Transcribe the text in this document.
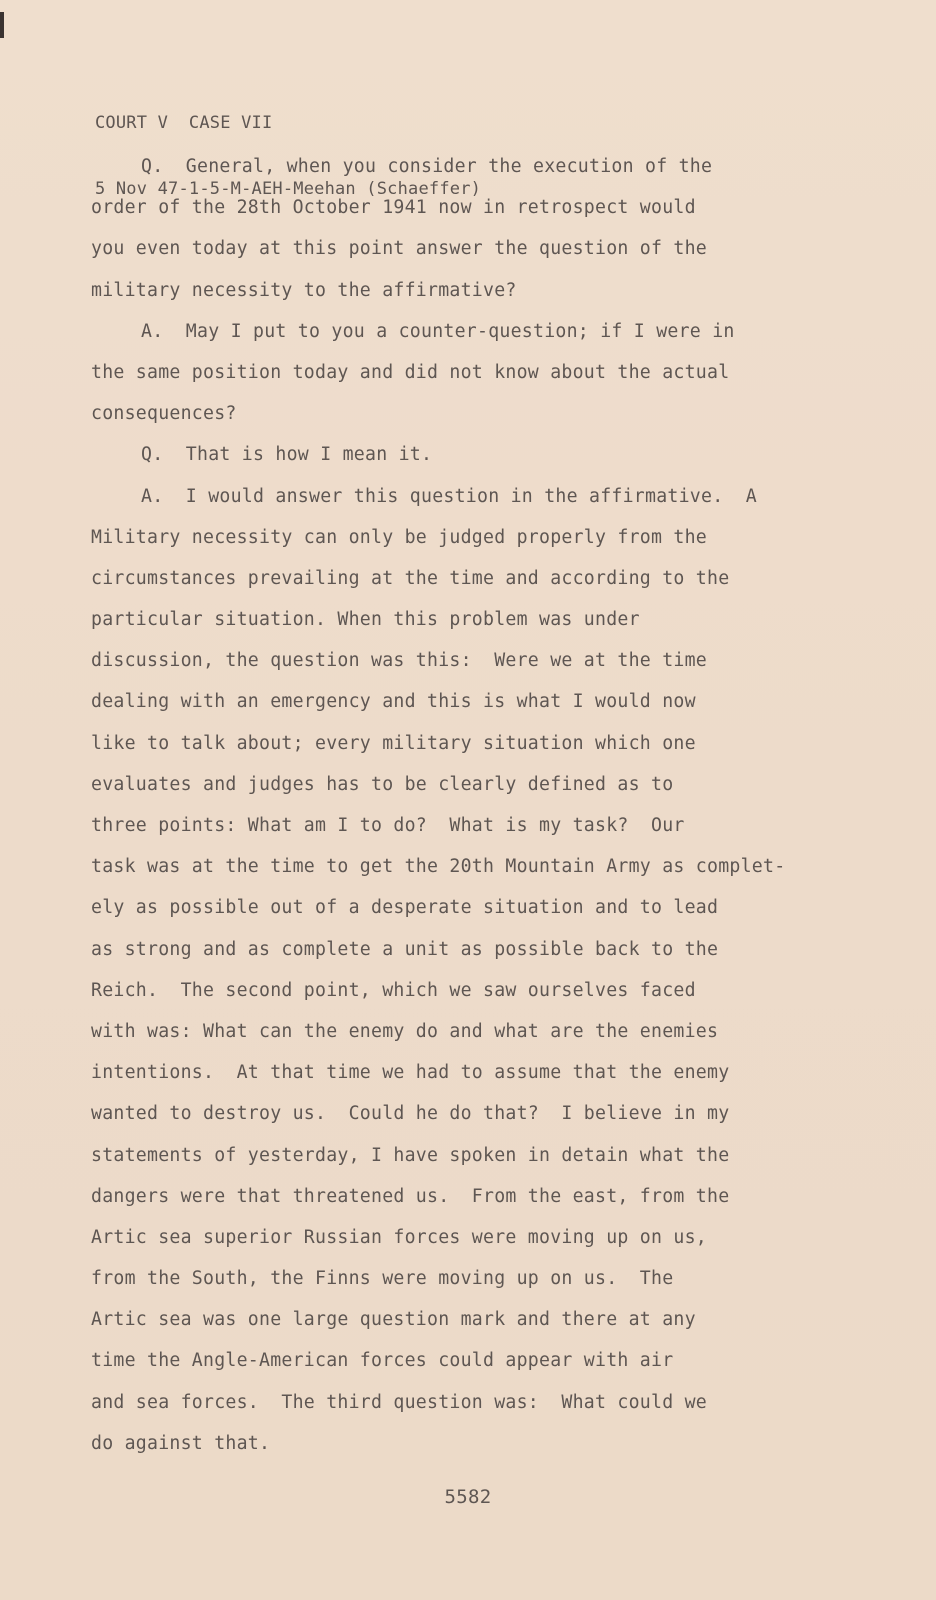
COURT V  CASE VII

5 Nov 47-1-5-M-AEH-Meehan (Schaeffer)

Q.  General, when you consider the execution of the
order of the 28th October 1941 now in retrospect would
you even today at this point answer the question of the
military necessity to the affirmative?
A.  May I put to you a counter-question; if I were in
the same position today and did not know about the actual
consequences?
Q.  That is how I mean it.
A.  I would answer this question in the affirmative.  A
Military necessity can only be judged properly from the
circumstances prevailing at the time and according to the
particular situation. When this problem was under
discussion, the question was this:  Were we at the time
dealing with an emergency and this is what I would now
like to talk about; every military situation which one
evaluates and judges has to be clearly defined as to
three points: What am I to do?  What is my task?  Our
task was at the time to get the 20th Mountain Army as complet-
ely as possible out of a desperate situation and to lead
as strong and as complete a unit as possible back to the
Reich.  The second point, which we saw ourselves faced
with was: What can the enemy do and what are the enemies
intentions.  At that time we had to assume that the enemy
wanted to destroy us.  Could he do that?  I believe in my
statements of yesterday, I have spoken in detain what the
dangers were that threatened us.  From the east, from the
Artic sea superior Russian forces were moving up on us,
from the South, the Finns were moving up on us.  The
Artic sea was one large question mark and there at any
time the Angle-American forces could appear with air
and sea forces.  The third question was:  What could we
do against that.
5582
